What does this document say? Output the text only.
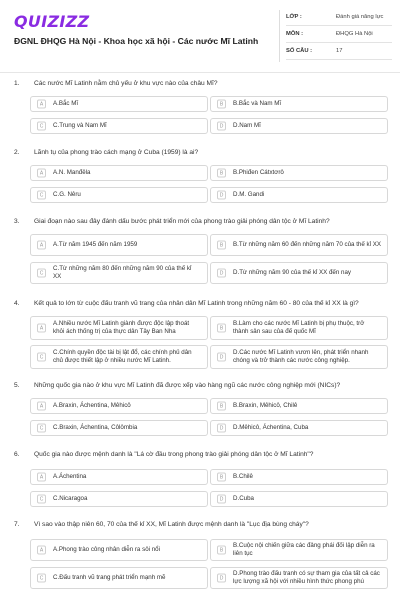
QUIZIZZ
ĐGNL ĐHQG Hà Nội - Khoa học xã hội - Các nước Mĩ Latinh
LỚP :	Đánh giá năng lực
MÔN :	ĐHQG Hà Nội
SỐ CÂU :	17
1. Các nước Mĩ Latinh nằm chủ yếu ở khu vực nào của châu Mĩ?
A	A.Bắc Mĩ	B	B.Bắc và Nam Mĩ
C	C.Trung và Nam Mĩ	D	D.Nam Mĩ
2. Lãnh tụ của phong trào cách mạng ở Cuba (1959) là ai?
A	A.N. Manđêla	B	B.Phiđen Cátxtơrô
C	C.G. Nêru	D	D.M. Gandi
3. Giai đoạn nào sau đây đánh dấu bước phát triển mới của phong trào giải phóng dân tộc ở Mĩ Latinh?
A	A.Từ năm 1945 đến năm 1959	B	B.Từ những năm 60 đến những năm 70 của thế kỉ XX
C
C.Từ những năm 80 đến những năm 90 của thế kỉ XX	D	D.Từ những năm 90 của thế kỉ XX đến nay
4. Kết quả to lớn từ cuộc đấu tranh vũ trang của nhân dân Mĩ Latinh trong những năm 60 - 80 của thế kỉ XX là gì?
A
A.Nhiều nước Mĩ Latinh giành được độc lập thoát khỏi ách thống trị của thực dân Tây Ban Nha	B
B.Làm cho các nước Mĩ Latinh bị phụ thuộc, trở thành sân sau của đế quốc Mĩ
C
C.Chính quyền độc tài bị lật đổ, các chính phủ dân chủ được thiết lập ở nhiều nước Mĩ Latinh.	D
D.Các nước Mĩ Latinh vươn lên, phát triển nhanh chóng và trở thành các nước công nghiệp.
5. Những quốc gia nào ở khu vực Mĩ Latinh đã được xếp vào hàng ngũ các nước công nghiệp mới (NICs)?
A	A.Braxin, Áchentina, Mêhicô	B	B.Braxin, Mêhicô, Chilê
C	C.Braxin, Áchentina, Côlômbia	D	D.Mêhicô, Áchentina, Cuba
6. Quốc gia nào được mệnh danh là "Lá cờ đầu trong phong trào giải phóng dân tộc ở Mĩ Latinh"?
A	A.Áchentina	B	B.Chilê
C	C.Nicaragoa	D	D.Cuba
7. Vì sao vào thập niên 60, 70 của thế kỉ XX, Mĩ Latinh được mệnh danh là "Lục địa bùng cháy"?
A	A.Phong trào công nhân diễn ra sôi nổi	B
B.Cuộc nội chiến giữa các đảng phái đối lập diễn ra liên tục
C	C.Đấu tranh vũ trang phát triển mạnh mẽ	D
D.Phong trào đấu tranh có sự tham gia của tất cả các lực lượng xã hội với nhiều hình thức phong phú
